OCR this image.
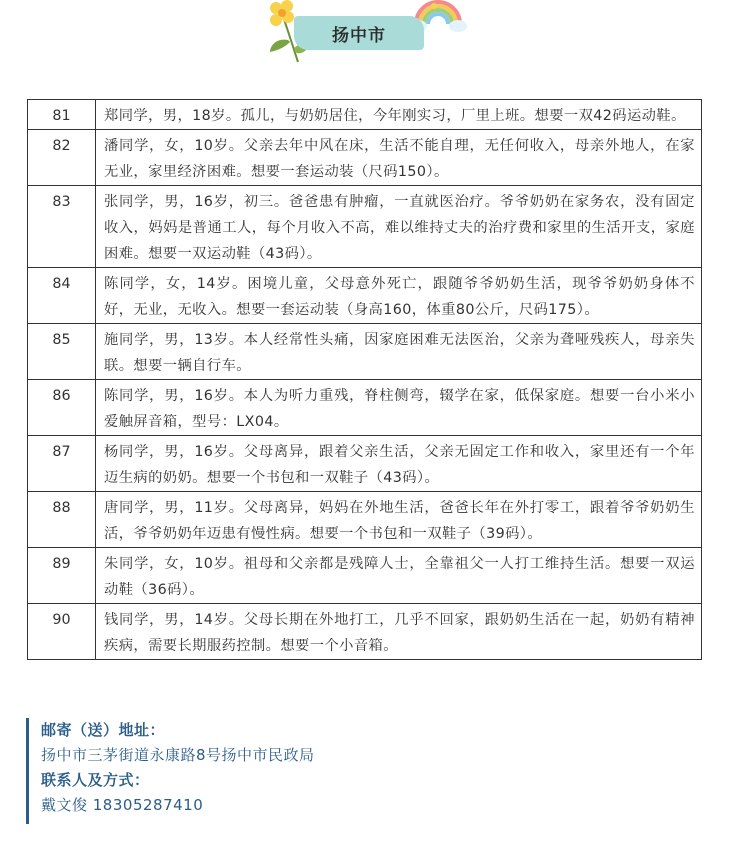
扬中市
81	郑同学，男，18岁。孤儿，与奶奶居住，今年刚实习，厂里上班。想要一双42码运动鞋。
82	潘同学，女，10岁。父亲去年中风在床，生活不能自理，无任何收入，母亲外地人，在家无业，家里经济困难。想要一套运动装（尺码150）。
83	张同学，男，16岁，初三。爸爸患有肿瘤，一直就医治疗。爷爷奶奶在家务农，没有固定收入，妈妈是普通工人，每个月收入不高，难以维持丈夫的治疗费和家里的生活开支，家庭困难。想要一双运动鞋（43码）。
84	陈同学，女，14岁。困境儿童，父母意外死亡，跟随爷爷奶奶生活，现爷爷奶奶身体不好，无业，无收入。想要一套运动装（身高160，体重80公斤，尺码175）。
85	施同学，男，13岁。本人经常性头痛，因家庭困难无法医治，父亲为聋哑残疾人，母亲失联。想要一辆自行车。
86	陈同学，男，16岁。本人为听力重残，脊柱侧弯，辍学在家，低保家庭。想要一台小米小爱触屏音箱，型号：LX04。
87	杨同学，男，16岁。父母离异，跟着父亲生活，父亲无固定工作和收入，家里还有一个年迈生病的奶奶。想要一个书包和一双鞋子（43码）。
88	唐同学，男，11岁。父母离异，妈妈在外地生活，爸爸长年在外打零工，跟着爷爷奶奶生活，爷爷奶奶年迈患有慢性病。想要一个书包和一双鞋子（39码）。
89	朱同学，女，10岁。祖母和父亲都是残障人士，全靠祖父一人打工维持生活。想要一双运动鞋（36码）。
90	钱同学，男，14岁。父母长期在外地打工，几乎不回家，跟奶奶生活在一起，奶奶有精神疾病，需要长期服药控制。想要一个小音箱。
邮寄（送）地址：
扬中市三茅街道永康路8号扬中市民政局
联系人及方式：
戴文俊 18305287410
